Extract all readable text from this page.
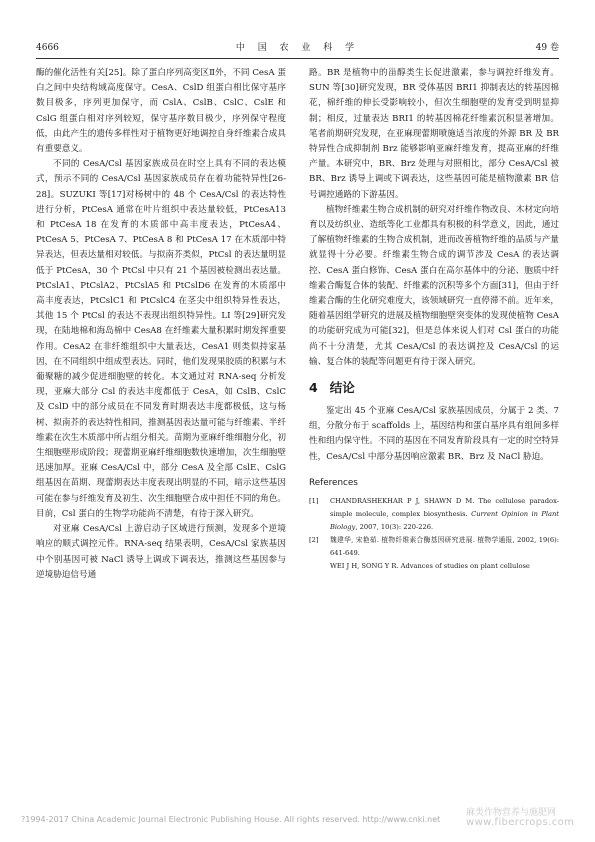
4666	中 国 农 业 科 学	49 卷

酶的催化活性有关[25]。除了蛋白序列高变区Ⅱ外，不同 CesA 蛋白之间中央结构域高度保守。CesA、CslD 组蛋白相比保守基序数目极多，序列更加保守，而 CslA、CslB、CslC、CslE 和 CslG 组蛋白相对序列较短，保守基序数目极少，序列保守程度低，由此产生的遗传多样性对于植物更好地调控自身纤维素合成具有重要意义。

不同的 CesA/Csl 基因家族成员在时空上具有不同的表达模式，预示不同的 CesA/Csl 基因家族成员存在着功能特异性[26-28]。SUZUKI 等[17]对杨树中的 48 个 CesA/Csl 的表达特性进行分析，PtCesA 通常在叶片组织中表达量较低，PtCesA13 和 PtCesA 18 在发育的木质部中高丰度表达，PtCesA4、PtCesA 5、PtCesA 7、PtCesA 8 和 PtCesA 17 在木质部中特异表达，但表达量相对较低。与拟南芥类似，PtCsl 的表达量明显低于 PtCesA，30 个 PtCsl 中只有 21 个基因被检测出表达量。PtCslA1、PtCslA2、PtCslA5 和 PtCslD6 在发育的木质部中高丰度表达，PtCslC1 和 PtCslC4 在茎尖中组织特异性表达，其他 15 个 PtCsl 的表达不表现出组织特异性。LI 等[29]研究发现，在陆地棉和海岛棉中 CesA8 在纤维素大量积累时期发挥重要作用。CesA2 在非纤维组织中大量表达，CesA1 则类似持家基因，在不同组织中组成型表达。同时，他们发现果胶质的积累与木葡聚糖的减少促进细胞壁的转化。本文通过对 RNA-seq 分析发现，亚麻大部分 Csl 的表达丰度都低于 CesA，如 CslB、CslC 及 CslD 中的部分成员在不同发育时期表达丰度都极低，这与杨树、拟南芥的表达特性相同，推测基因表达量可能与纤维素、半纤维素在次生木质部中所占组分相关。苗期为亚麻纤维细胞分化，初生细胞壁形成阶段；现蕾期亚麻纤维细胞数快速增加，次生细胞壁迅速加厚。亚麻 CesA/Csl 中，部分 CesA 及全部 CslE、CslG 组基因在苗期、现蕾期表达丰度表现出明显的不同，暗示这些基因可能在参与纤维发育及初生、次生细胞壁合成中担任不同的角色。目前，Csl 蛋白的生物学功能尚不清楚，有待于深入研究。

对亚麻 CesA/Csl 上游启动子区域进行预测，发现多个逆境响应的顺式调控元件。RNA-seq 结果表明，CesA/Csl 家族基因中个别基因可被 NaCl 诱导上调或下调表达，推测这些基因参与逆境胁迫信号通

路。BR 是植物中的甾醇类生长促进激素，参与调控纤维发育。SUN 等[30]研究发现，BR 受体基因 BRI1 抑制表达的转基因棉花，棉纤维的伸长受影响较小，但次生细胞壁的发育受到明显抑制；相反，过量表达 BRI1 的转基因棉花纤维素沉积显著增加。笔者前期研究发现，在亚麻现蕾期喷施适当浓度的外源 BR 及 BR 特异性合成抑制剂 Brz 能够影响亚麻纤维发育，提高亚麻的纤维产量。本研究中，BR、Brz 处理与对照相比，部分 CesA/Csl 被 BR、Brz 诱导上调或下调表达，这些基因可能是植物激素 BR 信号调控通路的下游基因。

植物纤维素生物合成机制的研究对纤维作物改良、木材定向培育以及纺织业、造纸等化工业都具有积极的科学意义，因此，通过了解植物纤维素的生物合成机制，进而改善植物纤维的品质与产量就显得十分必要。纤维素生物合成的调节涉及 CesA 的表达调控、CesA 蛋白修饰、CesA 蛋白在高尔基体中的分泌、胞质中纤维素合酶复合体的装配、纤维素的沉积等多个方面[31]，但由于纤维素合酶的生化研究难度大，该领域研究一直停滞不前。近年来，随着基因组学研究的进展及植物细胞壁突变体的发现使植物 CesA 的功能研究成为可能[32]，但是总体来说人们对 Csl 蛋白的功能尚不十分清楚，尤其 CesA/Csl 的表达调控及 CesA/Csl 的运输、复合体的装配等问题更有待于深入研究。

4 结论

鉴定出 45 个亚麻 CesA/Csl 家族基因成员，分属于 2 类、7 组，分散分布于 scaffolds 上，基因结构和蛋白基序具有组间多样性和组内保守性。不同的基因在不同发育阶段具有一定的时空特异性，CesA/Csl 中部分基因响应激素 BR、Brz 及 NaCl 胁迫。

References
[1] CHANDRASHEKHAR P J, SHAWN D M. The cellulose paradox-simple molecule, complex biosynthesis. Current Opinion in Plant Biology, 2007, 10(3): 220-226.
[2] 魏建华, 宋艳茹. 植物纤维素合酶基因研究进展. 植物学通报, 2002, 19(6): 641-649.
WEI J H, SONG Y R. Advances of studies on plant cellulose
?1994-2017 China Academic Journal Electronic Publishing House. All rights reserved. http://www.cnki.net
麻类作物营养与施肥网
www.fibercrops.com
